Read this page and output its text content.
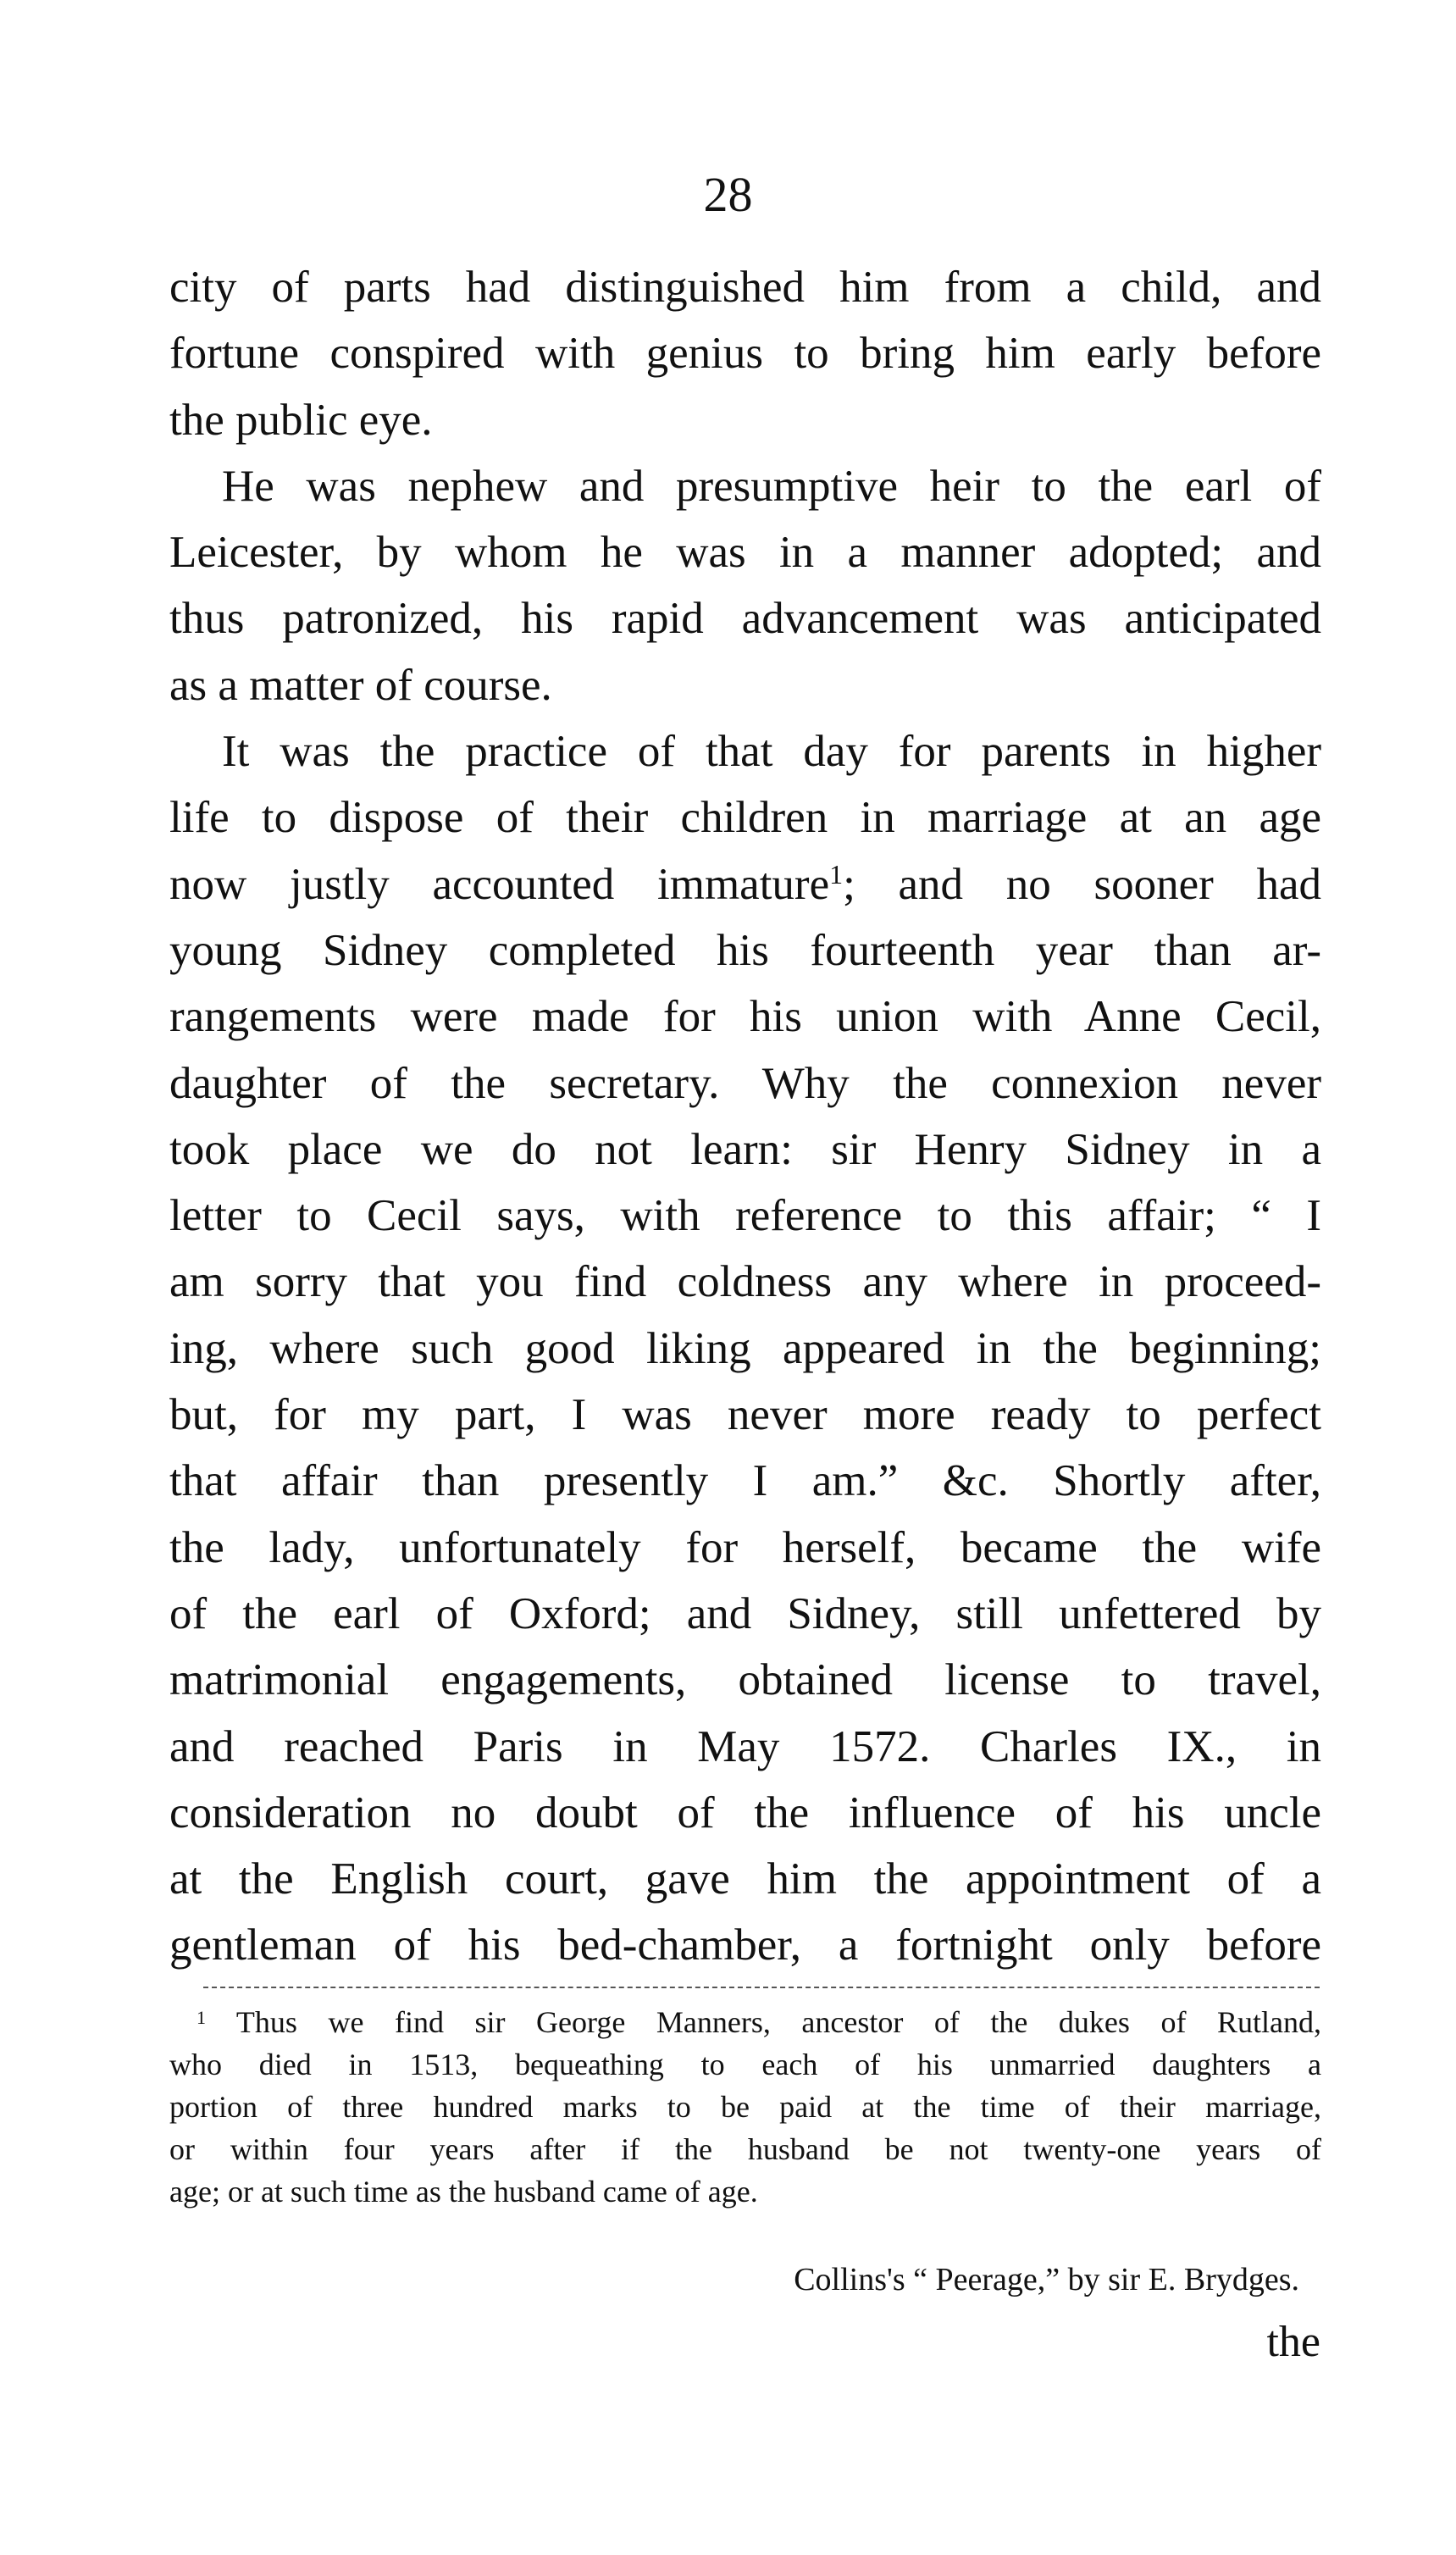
28
city of parts had distinguished him from a child, and
fortune conspired with genius to bring him early before
the public eye.
He was nephew and presumptive heir to the earl of
Leicester, by whom he was in a manner adopted; and
thus patronized, his rapid advancement was anticipated
as a matter of course.
It was the practice of that day for parents in higher
life to dispose of their children in marriage at an age
now justly accounted immature$^1$; and no sooner had
young Sidney completed his fourteenth year than ar-
rangements were made for his union with Anne Cecil,
daughter of the secretary. Why the connexion never
took place we do not learn: sir Henry Sidney in a
letter to Cecil says, with reference to this affair; “ I
am sorry that you find coldness any where in proceed-
ing, where such good liking appeared in the beginning;
but, for my part, I was never more ready to perfect
that affair than presently I am.” &c. Shortly after,
the lady, unfortunately for herself, became the wife
of the earl of Oxford; and Sidney, still unfettered by
matrimonial engagements, obtained license to travel,
and reached Paris in May 1572. Charles IX., in
consideration no doubt of the influence of his uncle
at the English court, gave him the appointment of a
gentleman of his bed-chamber, a fortnight only before
$^1$ Thus we find sir George Manners, ancestor of the dukes of Rutland,
who died in 1513, bequeathing to each of his unmarried daughters a
portion of three hundred marks to be paid at the time of their marriage,
or within four years after if the husband be not twenty-one years of
age; or at such time as the husband came of age.
Collins's “ Peerage,” by sir E. Brydges.
the
